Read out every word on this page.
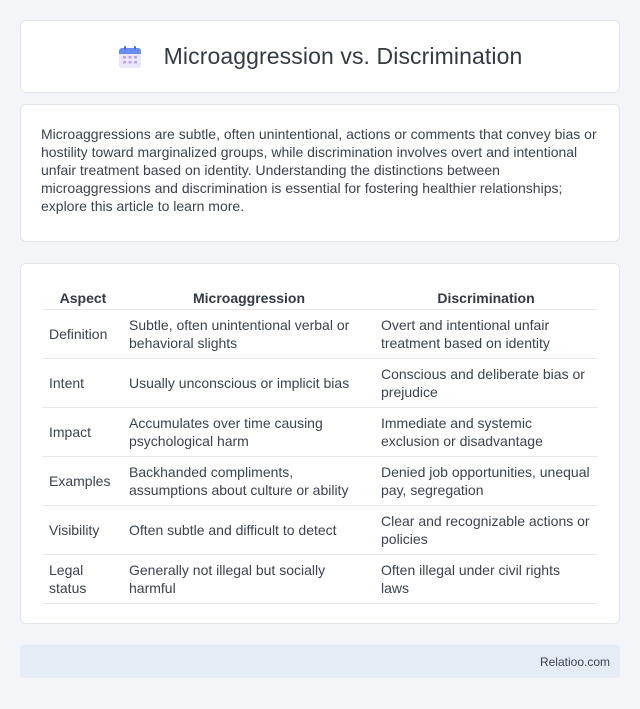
Microaggression vs. Discrimination

Microaggressions are subtle, often unintentional, actions or comments that convey bias or hostility toward marginalized groups, while discrimination involves overt and intentional unfair treatment based on identity. Understanding the distinctions between microaggressions and discrimination is essential for fostering healthier relationships; explore this article to learn more.

Aspect	Microaggression	Discrimination
Definition	Subtle, often unintentional verbal or behavioral slights	Overt and intentional unfair treatment based on identity
Intent	Usually unconscious or implicit bias	Conscious and deliberate bias or prejudice
Impact	Accumulates over time causing psychological harm	Immediate and systemic exclusion or disadvantage
Examples	Backhanded compliments, assumptions about culture or ability	Denied job opportunities, unequal pay, segregation
Visibility	Often subtle and difficult to detect	Clear and recognizable actions or policies
Legal status	Generally not illegal but socially harmful	Often illegal under civil rights laws
Relatioo.com
